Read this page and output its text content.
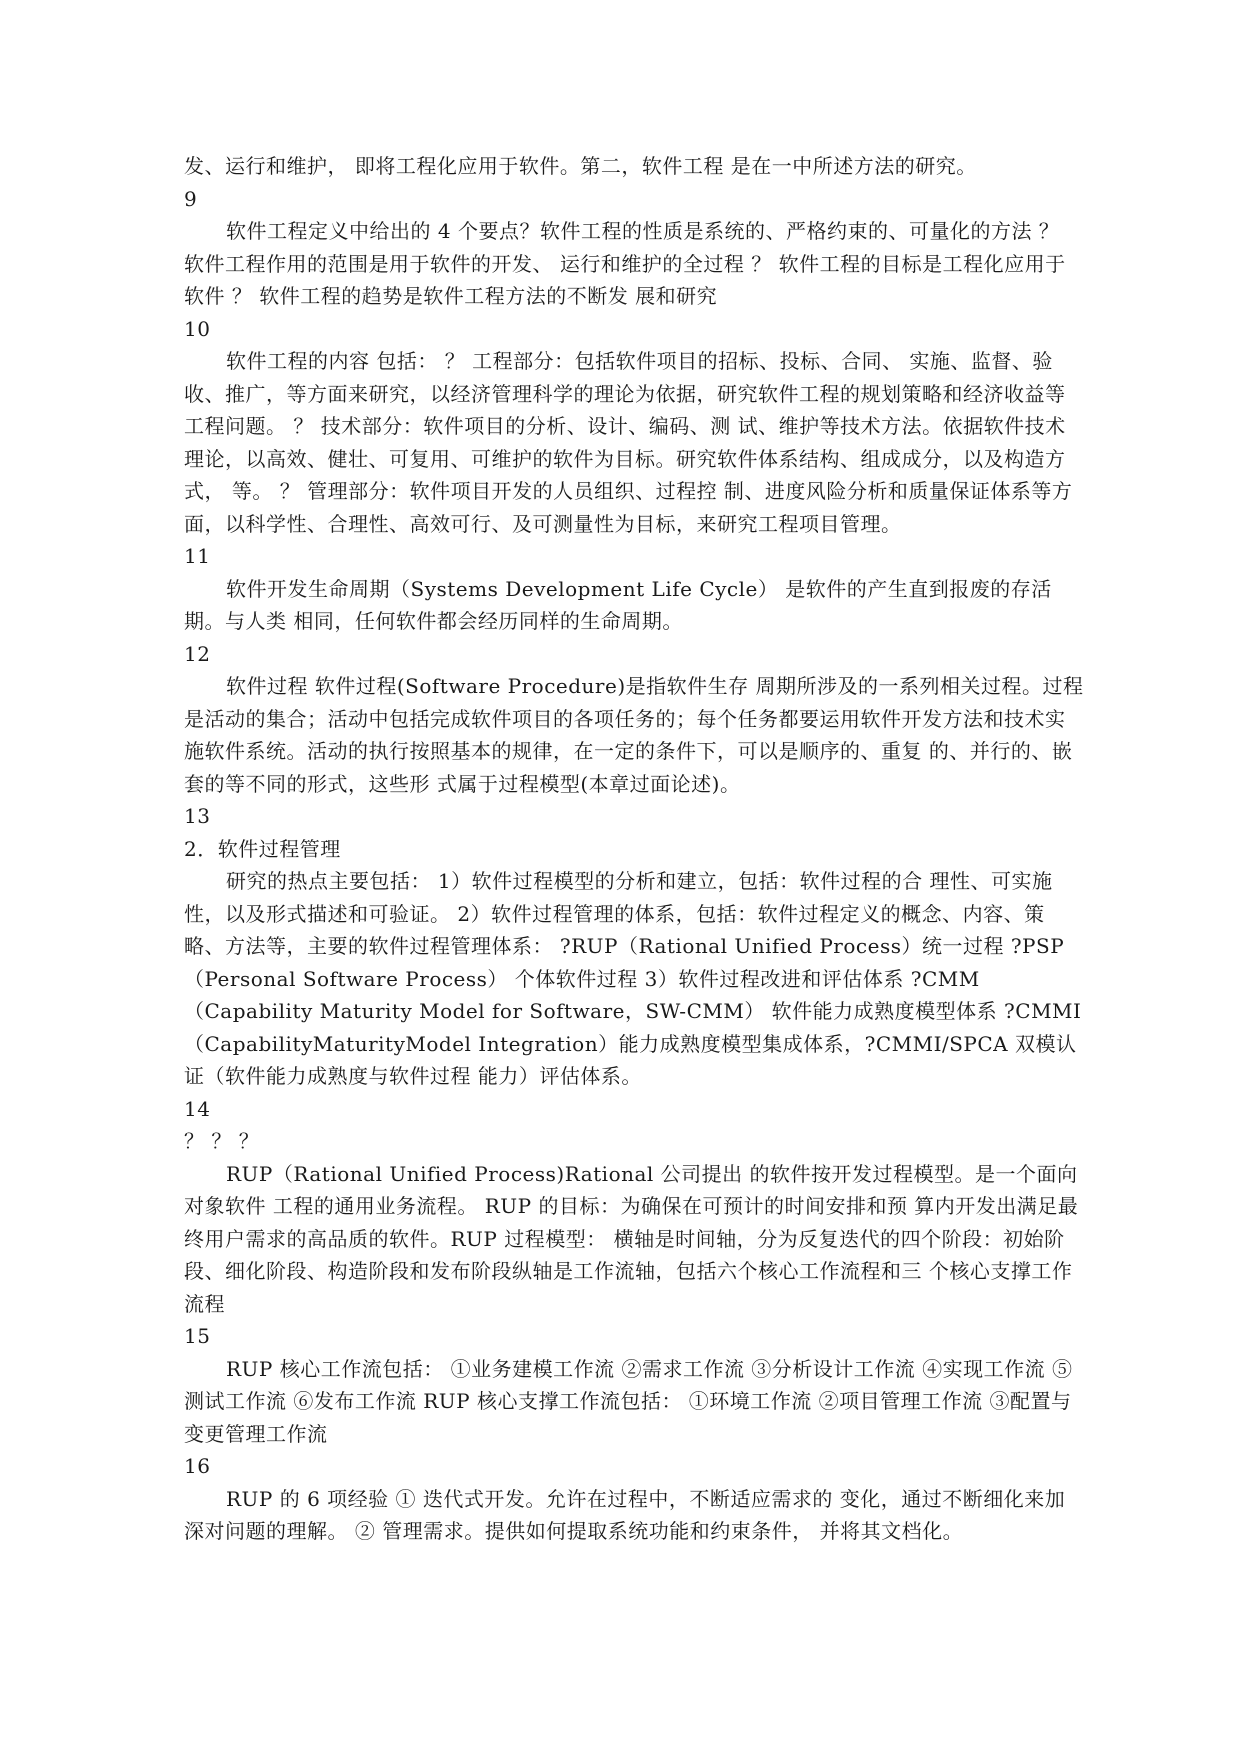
发、运行和维护， 即将工程化应用于软件。第二，软件工程 是在一中所述方法的研究。

9

软件工程定义中给出的 4 个要点？软件工程的性质是系统的、严格约束的、可量化的方法 ？ 软件工程作用的范围是用于软件的开发、 运行和维护的全过程 ？ 软件工程的目标是工程化应用于软件 ？ 软件工程的趋势是软件工程方法的不断发 展和研究

10

软件工程的内容 包括： ？ 工程部分：包括软件项目的招标、投标、合同、 实施、监督、验收、推广，等方面来研究，以经济管理科学的理论为依据，研究软件工程的规划策略和经济收益等工程问题。 ？ 技术部分：软件项目的分析、设计、编码、测 试、维护等技术方法。依据软件技术理论，以高效、健壮、可复用、可维护的软件为目标。研究软件体系结构、组成成分，以及构造方式， 等。 ？ 管理部分：软件项目开发的人员组织、过程控 制、进度风险分析和质量保证体系等方面，以科学性、合理性、高效可行、及可测量性为目标，来研究工程项目管理。

11

软件开发生命周期（Systems Development Life Cycle） 是软件的产生直到报废的存活期。与人类 相同，任何软件都会经历同样的生命周期。

12

软件过程 软件过程(Software Procedure)是指软件生存 周期所涉及的一系列相关过程。过程是活动的集合；活动中包括完成软件项目的各项任务的；每个任务都要运用软件开发方法和技术实施软件系统。活动的执行按照基本的规律，在一定的条件下，可以是顺序的、重复 的、并行的、嵌套的等不同的形式，这些形 式属于过程模型(本章过面论述)。

13

2．软件过程管理

研究的热点主要包括： 1）软件过程模型的分析和建立，包括：软件过程的合 理性、可实施性，以及形式描述和可验证。 2）软件过程管理的体系，包括：软件过程定义的概念、内容、策略、方法等，主要的软件过程管理体系： ?RUP（Rational Unified Process）统一过程 ?PSP（Personal Software Process） 个体软件过程 3）软件过程改进和评估体系 ?CMM（Capability Maturity Model for Software，SW-CMM） 软件能力成熟度模型体系 ?CMMI（CapabilityMaturityModel Integration）能力成熟度模型集成体系，?CMMI/SPCA 双模认证（软件能力成熟度与软件过程 能力）评估体系。

14

？ ？ ？

RUP（Rational Unified Process)Rational 公司提出 的软件按开发过程模型。是一个面向对象软件 工程的通用业务流程。 RUP 的目标：为确保在可预计的时间安排和预 算内开发出满足最终用户需求的高品质的软件。RUP 过程模型： 横轴是时间轴，分为反复迭代的四个阶段：初始阶段、细化阶段、构造阶段和发布阶段纵轴是工作流轴，包括六个核心工作流程和三 个核心支撑工作流程

15

RUP 核心工作流包括： ①业务建模工作流 ②需求工作流 ③分析设计工作流 ④实现工作流 ⑤测试工作流 ⑥发布工作流 RUP 核心支撑工作流包括： ①环境工作流 ②项目管理工作流 ③配置与变更管理工作流

16

RUP 的 6 项经验 ① 迭代式开发。允许在过程中，不断适应需求的 变化，通过不断细化来加深对问题的理解。 ② 管理需求。提供如何提取系统功能和约束条件， 并将其文档化。
